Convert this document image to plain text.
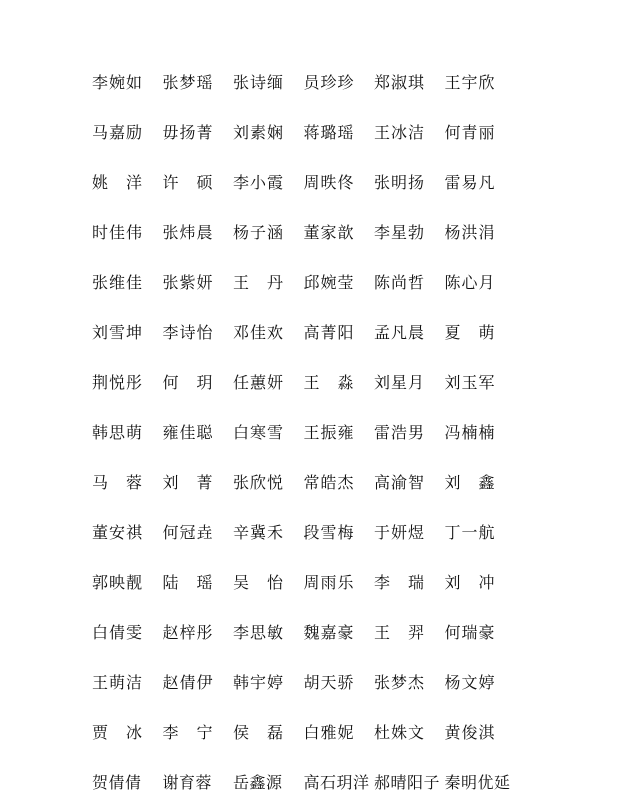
李婉如	张梦瑶	张诗缅	员珍珍	郑淑琪	王宇欣
马嘉励	毋扬菁	刘素娴	蒋璐瑶	王冰洁	何青丽
姚　洋	许　硕	李小霞	周昳佟	张明扬	雷易凡
时佳伟	张炜晨	杨子涵	董家歆	李星勃	杨洪涓
张维佳	张紫妍	王　丹	邱婉莹	陈尚哲	陈心月
刘雪坤	李诗怡	邓佳欢	高菁阳	孟凡晨	夏　萌
荆悦彤	何　玥	任蕙妍	王　淼	刘星月	刘玉军
韩思萌	雍佳聪	白寒雪	王振雍	雷浩男	冯楠楠
马　蓉	刘　菁	张欣悦	常皓杰	高渝智	刘　鑫
董安祺	何冠垚	辛冀禾	段雪梅	于妍煜	丁一航
郭映靓	陆　瑶	吴　怡	周雨乐	李　瑞	刘　冲
白倩雯	赵梓彤	李思敏	魏嘉豪	王　羿	何瑞豪
王萌洁	赵倩伊	韩宇婷	胡天骄	张梦杰	杨文婷
贾　冰	李　宁	侯　磊	白雅妮	杜姝文	黄俊淇
贺倩倩	谢育蓉	岳鑫源	高石玥洋 郝晴阳子 秦明优延
